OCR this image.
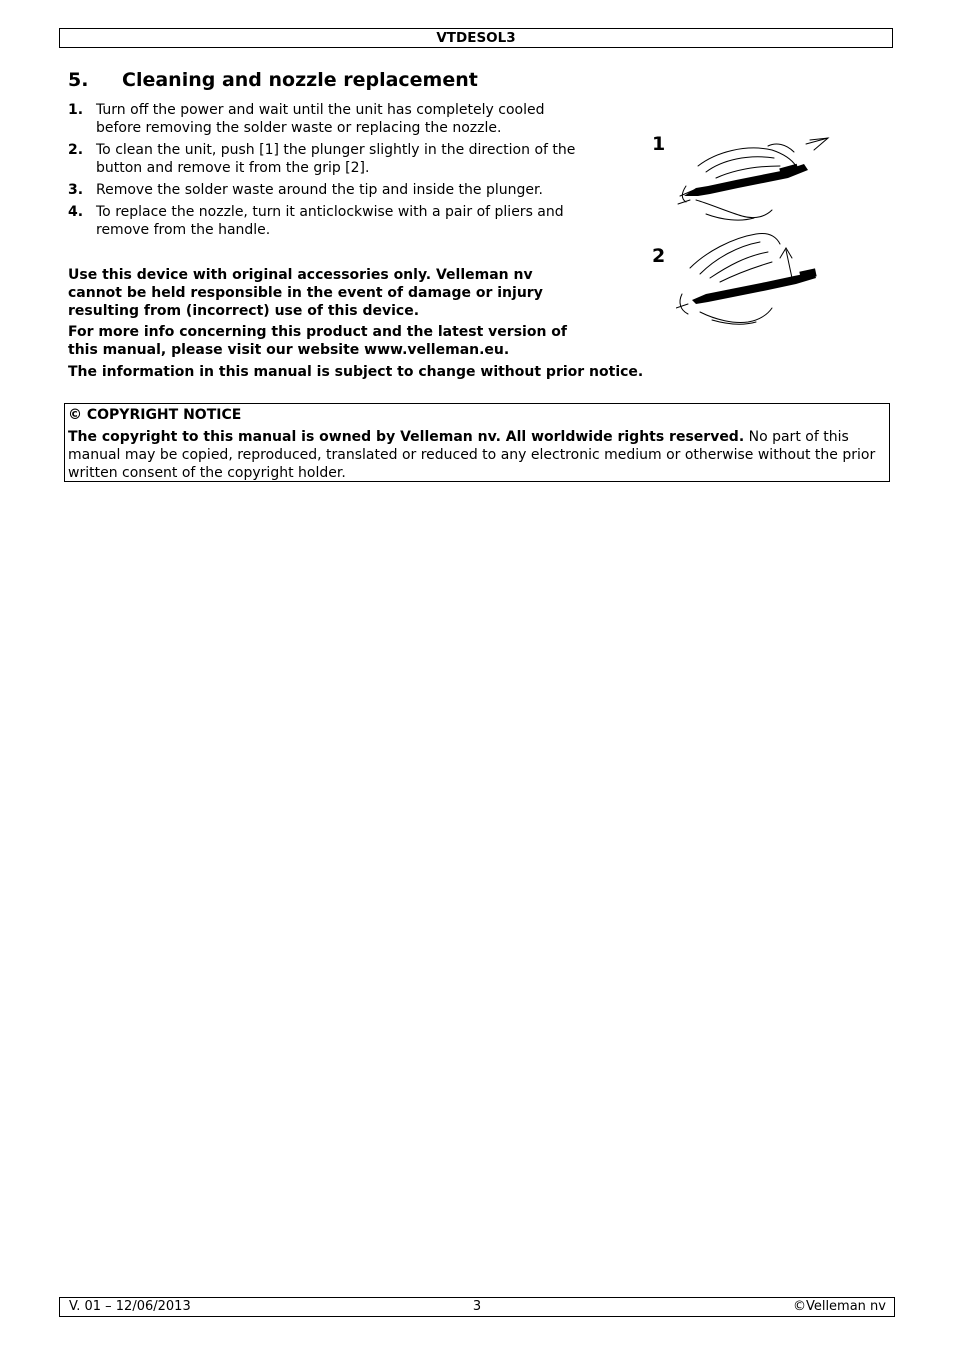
VTDESOL3
5. Cleaning and nozzle replacement
1. Turn off the power and wait until the unit has completely cooled before removing the solder waste or replacing the nozzle.
2. To clean the unit, push [1] the plunger slightly in the direction of the button and remove it from the grip [2].
3. Remove the solder waste around the tip and inside the plunger.
4. To replace the nozzle, turn it anticlockwise with a pair of pliers and remove from the handle.

Use this device with original accessories only. Velleman nv cannot be held responsible in the event of damage or injury resulting from (incorrect) use of this device.

For more info concerning this product and the latest version of this manual, please visit our website www.velleman.eu.

The information in this manual is subject to change without prior notice.

1
2
© COPYRIGHT NOTICE
The copyright to this manual is owned by Velleman nv. All worldwide rights reserved. No part of this manual may be copied, reproduced, translated or reduced to any electronic medium or otherwise without the prior written consent of the copyright holder.
V. 01 – 12/06/2013	3	©Velleman nv
